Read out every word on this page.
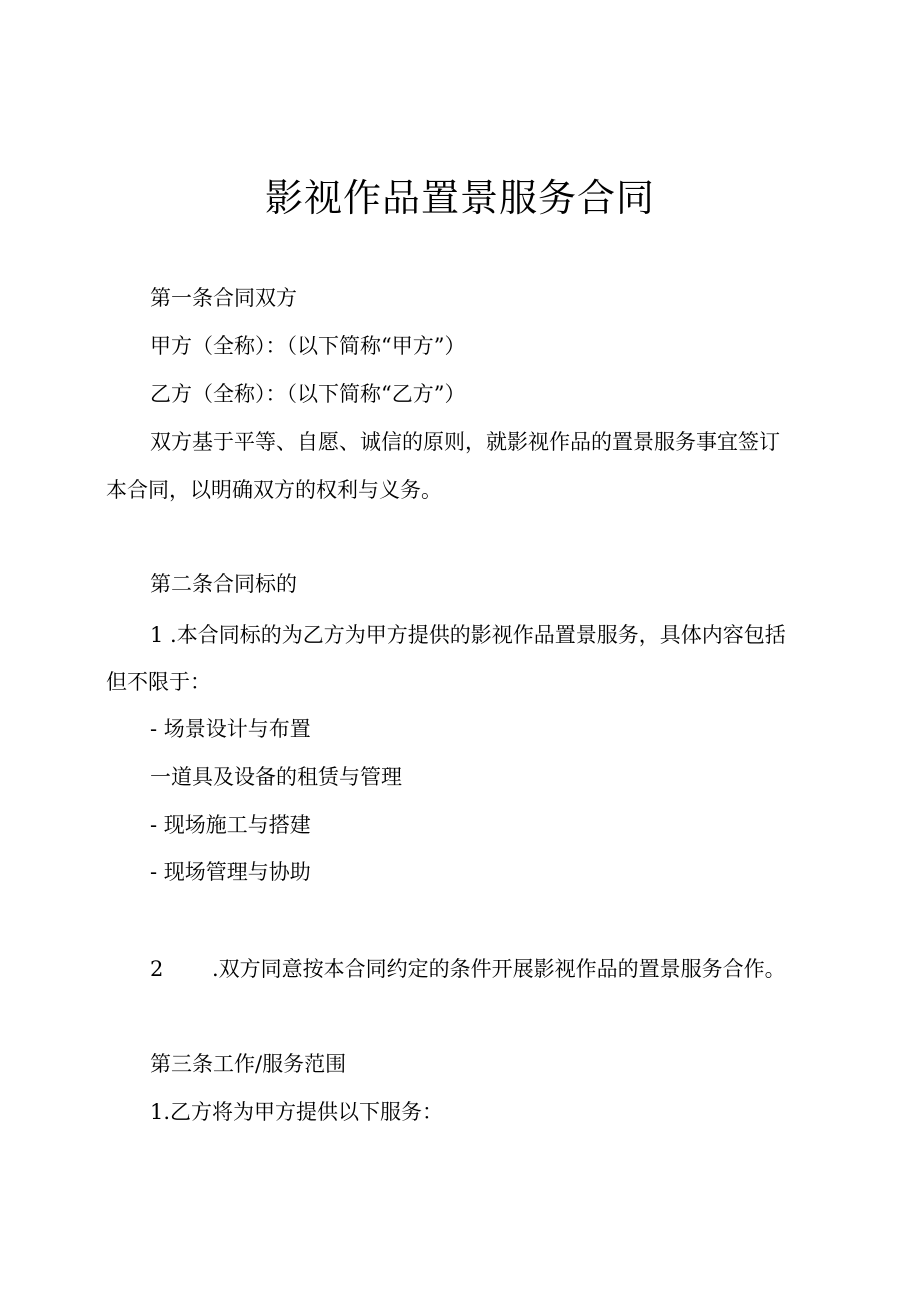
影视作品置景服务合同
第一条合同双方
甲方（全称）：（以下简称“甲方”）
乙方（全称）：（以下简称“乙方”）
双方基于平等、自愿、诚信的原则，就影视作品的置景服务事宜签订
本合同，以明确双方的权利与义务。
第二条合同标的
1 .本合同标的为乙方为甲方提供的影视作品置景服务，具体内容包括
但不限于：
- 场景设计与布置
一道具及设备的租赁与管理
- 现场施工与搭建
- 现场管理与协助
2 .双方同意按本合同约定的条件开展影视作品的置景服务合作。
第三条工作/服务范围
1.乙方将为甲方提供以下服务：
